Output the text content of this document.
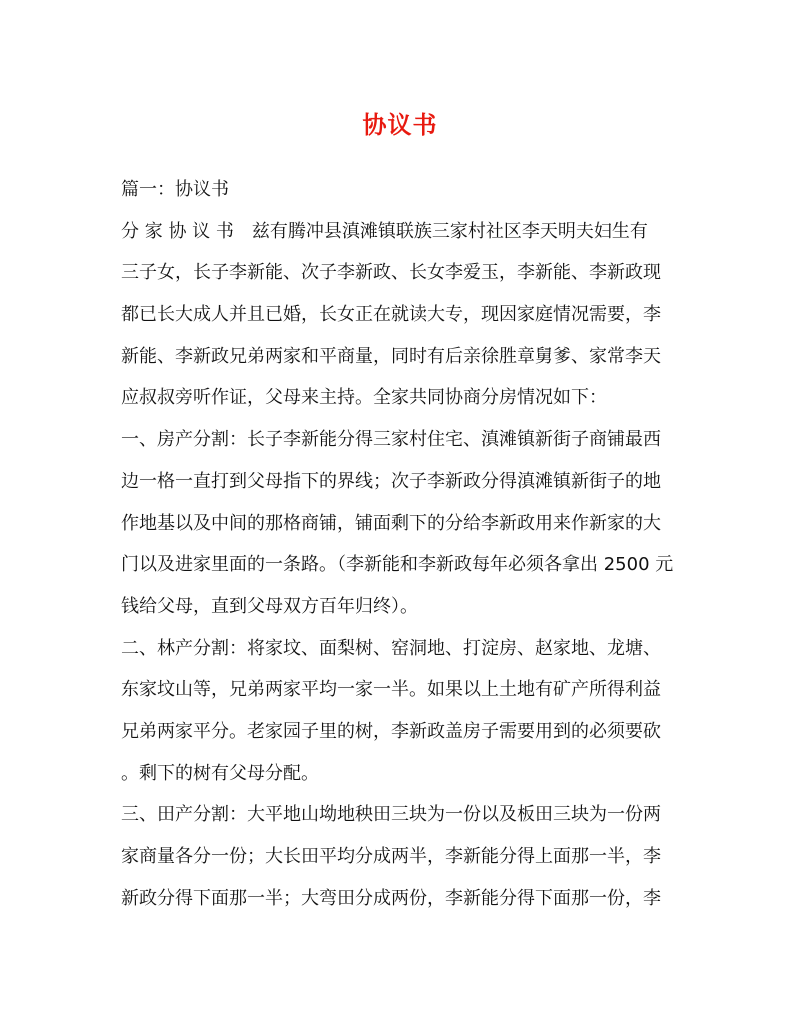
协议书
篇一：协议书
分 家 协 议 书　兹有腾冲县滇滩镇联族三家村社区李天明夫妇生有
三子女，长子李新能、次子李新政、长女李爱玉，李新能、李新政现
都已长大成人并且已婚，长女正在就读大专，现因家庭情况需要，李
新能、李新政兄弟两家和平商量，同时有后亲徐胜章舅爹、家常李天
应叔叔旁听作证，父母来主持。全家共同协商分房情况如下：
一、房产分割：长子李新能分得三家村住宅、滇滩镇新街子商铺最西
边一格一直打到父母指下的界线；次子李新政分得滇滩镇新街子的地
作地基以及中间的那格商铺，铺面剩下的分给李新政用来作新家的大
门以及进家里面的一条路。（李新能和李新政每年必须各拿出 2500 元
钱给父母，直到父母双方百年归终）。
二、林产分割：将家坟、面梨树、窑洞地、打淀房、赵家地、龙塘、
东家坟山等，兄弟两家平均一家一半。如果以上土地有矿产所得利益
兄弟两家平分。老家园子里的树，李新政盖房子需要用到的必须要砍
。剩下的树有父母分配。
三、田产分割：大平地山坳地秧田三块为一份以及板田三块为一份两
家商量各分一份；大长田平均分成两半，李新能分得上面那一半，李
新政分得下面那一半；大弯田分成两份，李新能分得下面那一份，李
